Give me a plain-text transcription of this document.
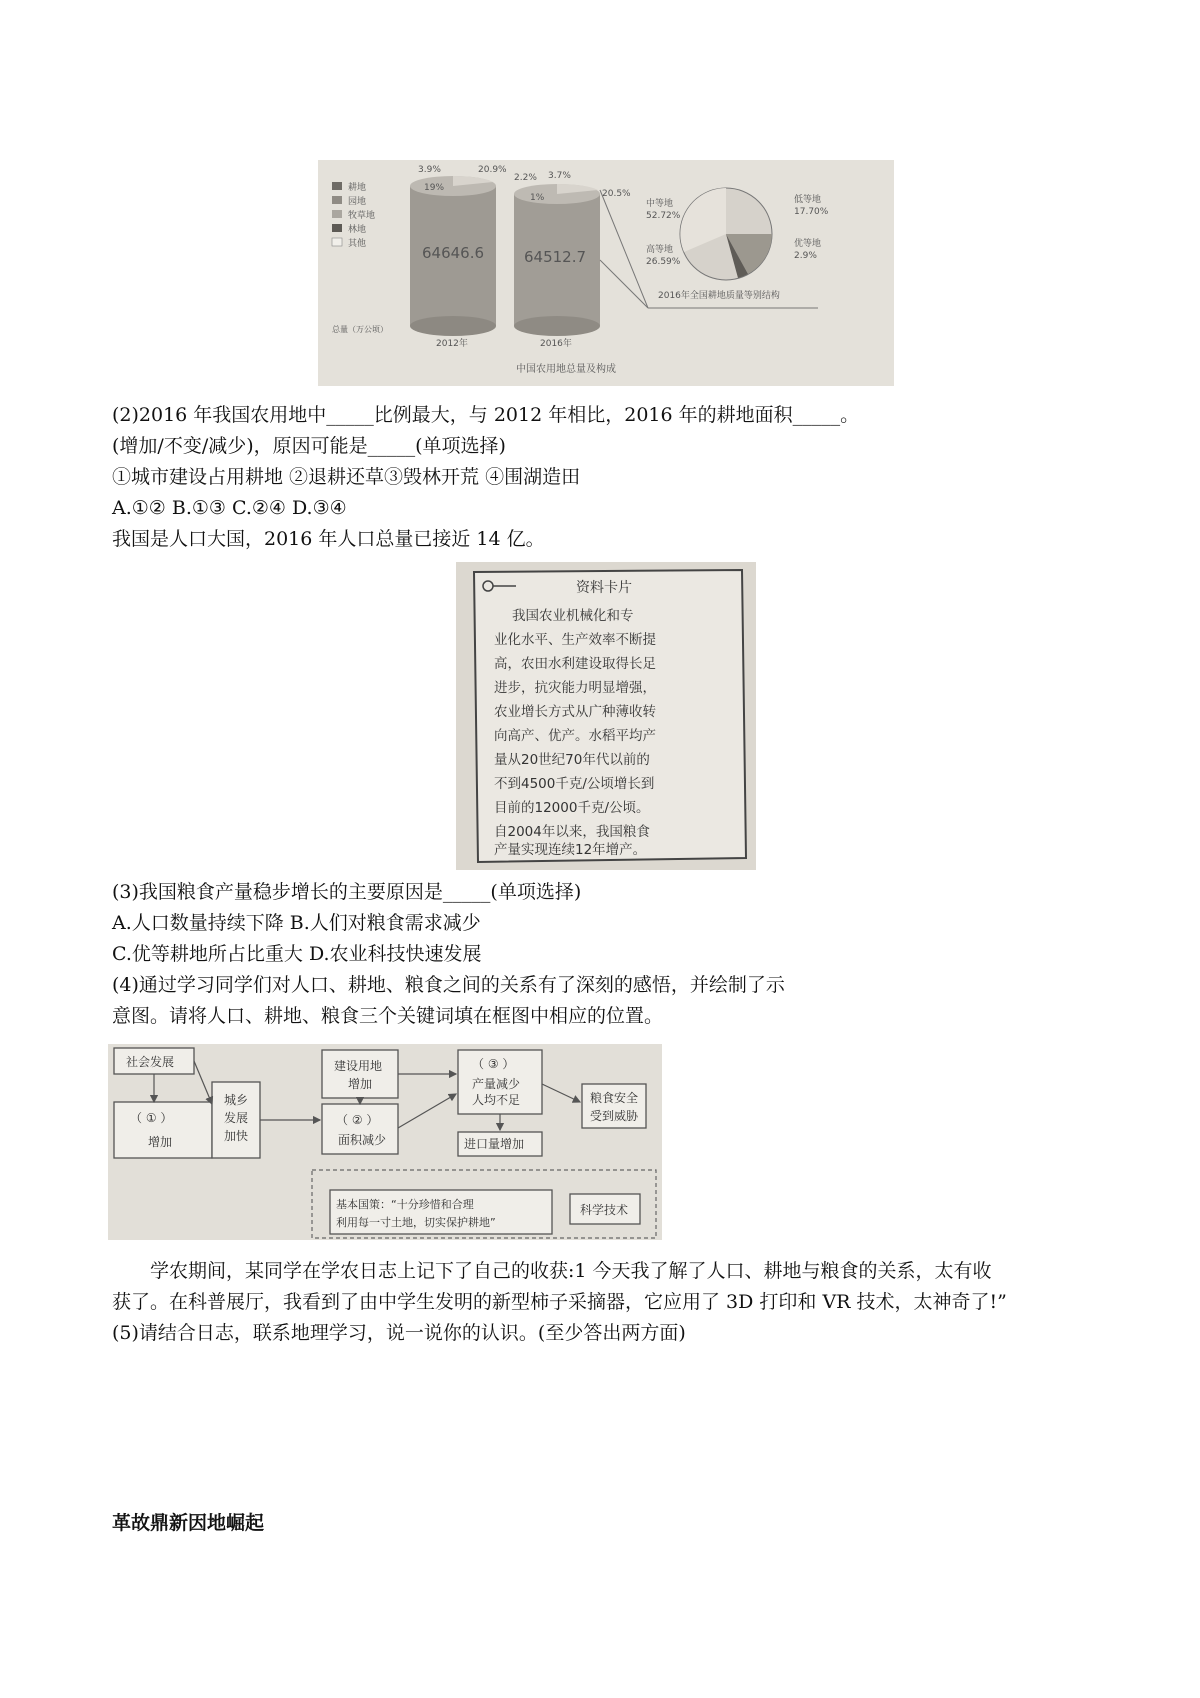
耕地
园地
牧草地
林地
其他
3.9%	20.9%
19%
64646.6
2012年
2.2% 3.7%
20.5%
1%
64512.7
2016年
总量（万公顷）
中等地
52.72%
高等地
26.59%
低等地
17.70%
优等地
2.9%
2016年全国耕地质量等别结构
中国农用地总量及构成
(2)2016 年我国农用地中_____比例最大，与 2012 年相比，2016 年的耕地面积_____。
(增加/不变/减少)，原因可能是_____(单项选择)
①城市建设占用耕地 ②退耕还草③毁林开荒 ④围湖造田
A.①② B.①③ C.②④ D.③④
我国是人口大国，2016 年人口总量已接近 14 亿。
资料卡片
我国农业机械化和专
业化水平、生产效率不断提
高，农田水利建设取得长足
进步，抗灾能力明显增强，
农业增长方式从广种薄收转
向高产、优产。水稻平均产
量从20世纪70年代以前的
不到4500千克/公顷增长到
目前的12000千克/公顷。
自2004年以来，我国粮食
产量实现连续12年增产。
(3)我国粮食产量稳步增长的主要原因是_____(单项选择)
A.人口数量持续下降 B.人们对粮食需求减少
C.优等耕地所占比重大 D.农业科技快速发展
(4)通过学习同学们对人口、耕地、粮食之间的关系有了深刻的感悟，并绘制了示
意图。请将人口、耕地、粮食三个关键词填在框图中相应的位置。
社会发展
（ ① ）
增加
城乡
发展
加快
建设用地
增加
（ ② ）
面积减少
（ ③ ）
产量减少
人均不足
进口量增加
粮食安全
受到威胁
基本国策：“十分珍惜和合理
利用每一寸土地，切实保护耕地”
科学技术
学农期间，某同学在学农日志上记下了自己的收获:1 今天我了解了人口、耕地与粮食的关系，太有收
获了。在科普展厅，我看到了由中学生发明的新型柿子采摘器，它应用了 3D 打印和 VR 技术，太神奇了!”
(5)请结合日志，联系地理学习，说一说你的认识。(至少答出两方面)
革故鼎新因地崛起
